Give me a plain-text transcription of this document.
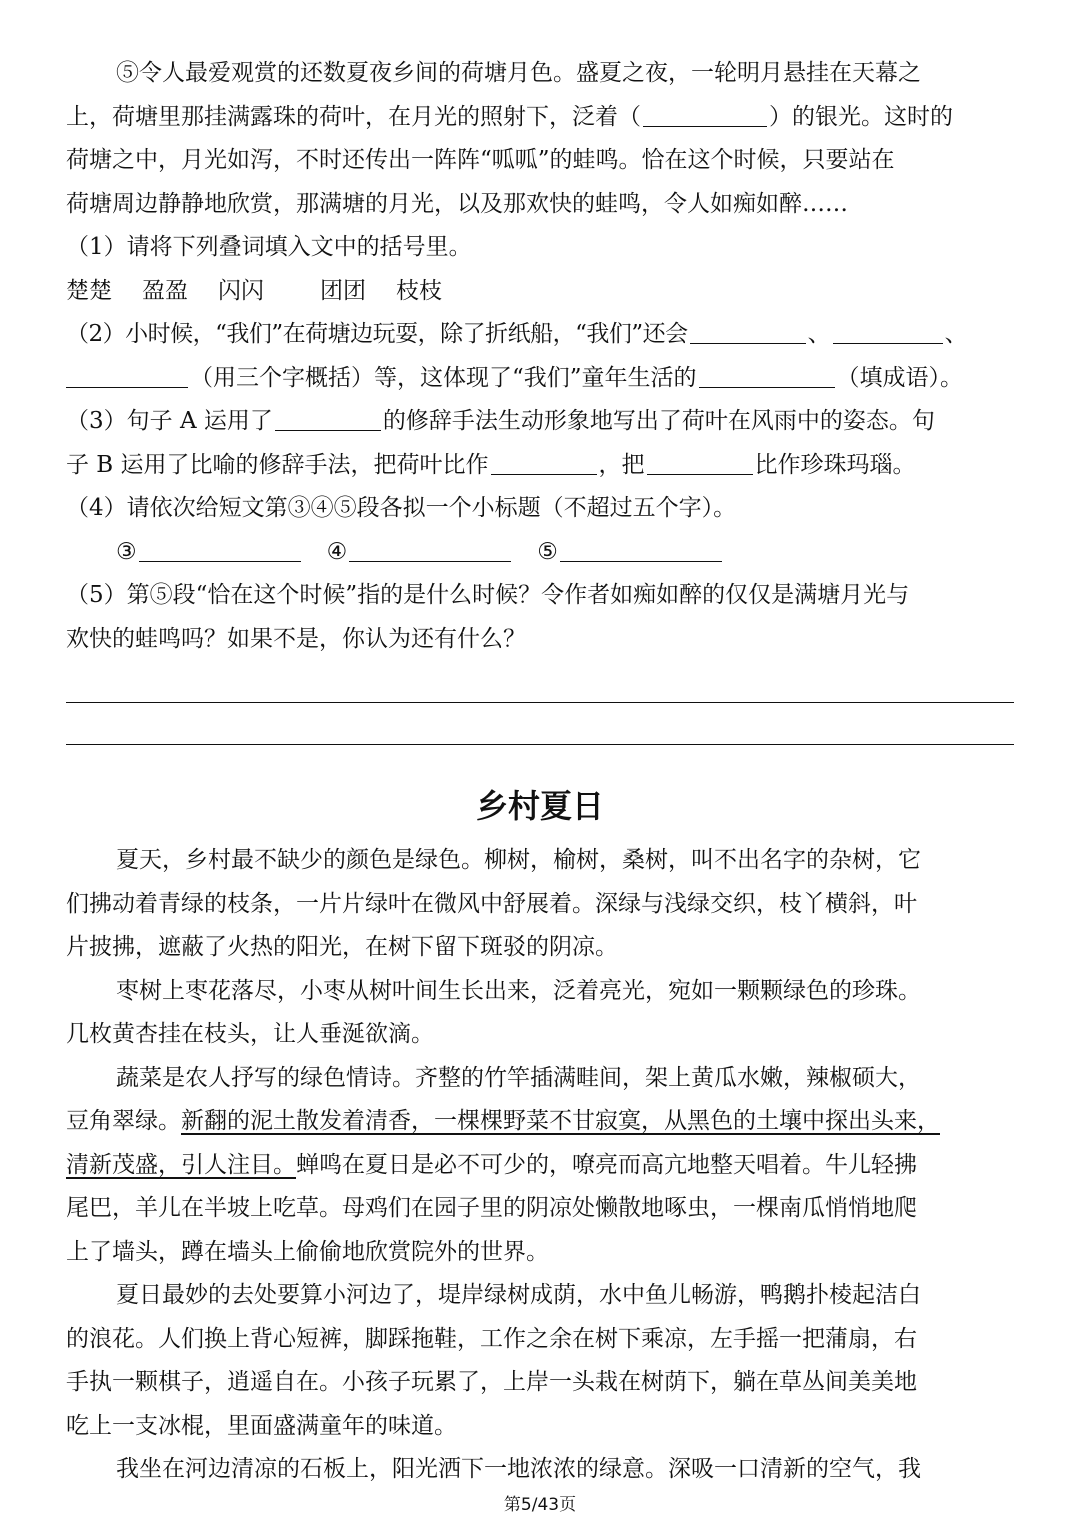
⑤令人最爱观赏的还数夏夜乡间的荷塘月色。盛夏之夜，一轮明月悬挂在天幕之
上，荷塘里那挂满露珠的荷叶，在月光的照射下，泛着（	）的银光。这时的
荷塘之中，月光如泻，不时还传出一阵阵“呱呱”的蛙鸣。恰在这个时候，只要站在
荷塘周边静静地欣赏，那满塘的月光，以及那欢快的蛙鸣，令人如痴如醉……
（1）请将下列叠词填入文中的括号里。
楚楚 盈盈 闪闪 团团 枝枝
（2）小时候，“我们”在荷塘边玩耍，除了折纸船，“我们”还会	、	、
（用三个字概括）等，这体现了“我们”童年生活的	（填成语）。
（3）句子 A 运用了	的修辞手法生动形象地写出了荷叶在风雨中的姿态。句
子 B 运用了比喻的修辞手法，把荷叶比作	，把	比作珍珠玛瑙。
（4）请依次给短文第③④⑤段各拟一个小标题（不超过五个字）。
③	④	⑤
（5）第⑤段“恰在这个时候”指的是什么时候？令作者如痴如醉的仅仅是满塘月光与
欢快的蛙鸣吗？如果不是，你认为还有什么？
乡村夏日
夏天，乡村最不缺少的颜色是绿色。柳树，榆树，桑树，叫不出名字的杂树，它
们拂动着青绿的枝条，一片片绿叶在微风中舒展着。深绿与浅绿交织，枝丫横斜，叶
片披拂，遮蔽了火热的阳光，在树下留下斑驳的阴凉。
枣树上枣花落尽，小枣从树叶间生长出来，泛着亮光，宛如一颗颗绿色的珍珠。
几枚黄杏挂在枝头，让人垂涎欲滴。
蔬菜是农人抒写的绿色情诗。齐整的竹竿插满畦间，架上黄瓜水嫩，辣椒硕大，
豆角翠绿。新翻的泥土散发着清香，一棵棵野菜不甘寂寞，从黑色的土壤中探出头来，
清新茂盛，引人注目。蝉鸣在夏日是必不可少的，嘹亮而高亢地整天唱着。牛儿轻拂
尾巴，羊儿在半坡上吃草。母鸡们在园子里的阴凉处懒散地啄虫，一棵南瓜悄悄地爬
上了墙头，蹲在墙头上偷偷地欣赏院外的世界。
夏日最妙的去处要算小河边了，堤岸绿树成荫，水中鱼儿畅游，鸭鹅扑棱起洁白
的浪花。人们换上背心短裤，脚踩拖鞋，工作之余在树下乘凉，左手摇一把蒲扇，右
手执一颗棋子，逍遥自在。小孩子玩累了，上岸一头栽在树荫下，躺在草丛间美美地
吃上一支冰棍，里面盛满童年的味道。
我坐在河边清凉的石板上，阳光洒下一地浓浓的绿意。深吸一口清新的空气，我
第5/43页
